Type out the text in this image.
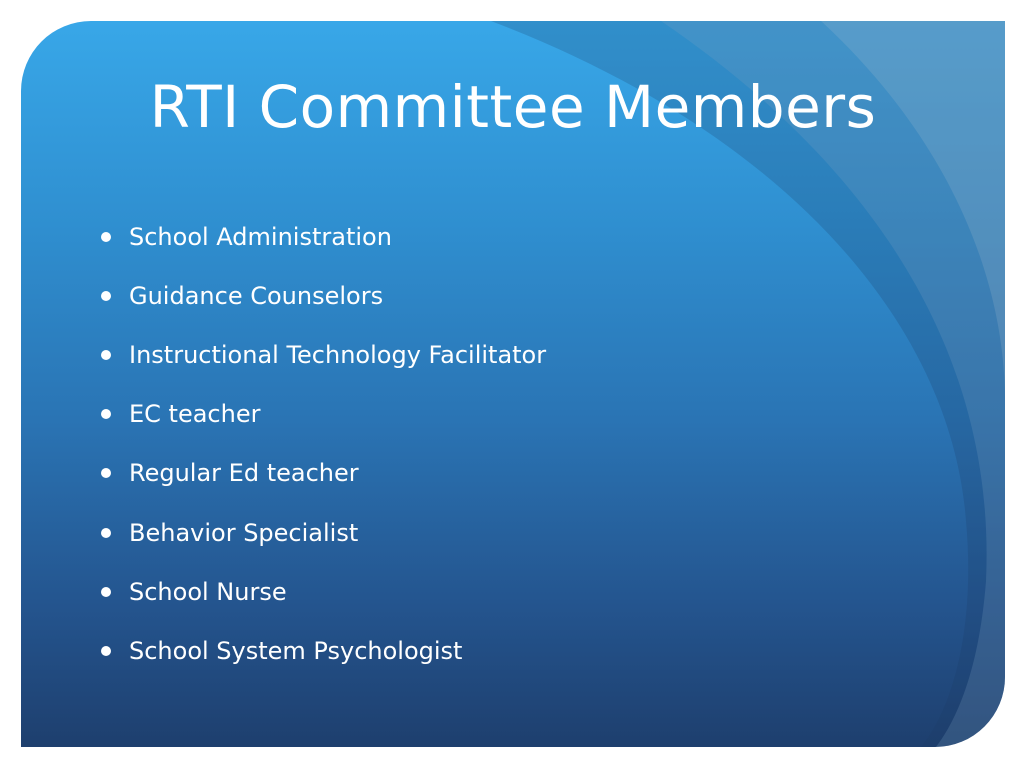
RTI Committee Members
School Administration
Guidance Counselors
Instructional Technology Facilitator
EC teacher
Regular Ed teacher
Behavior Specialist
School Nurse
School System Psychologist
